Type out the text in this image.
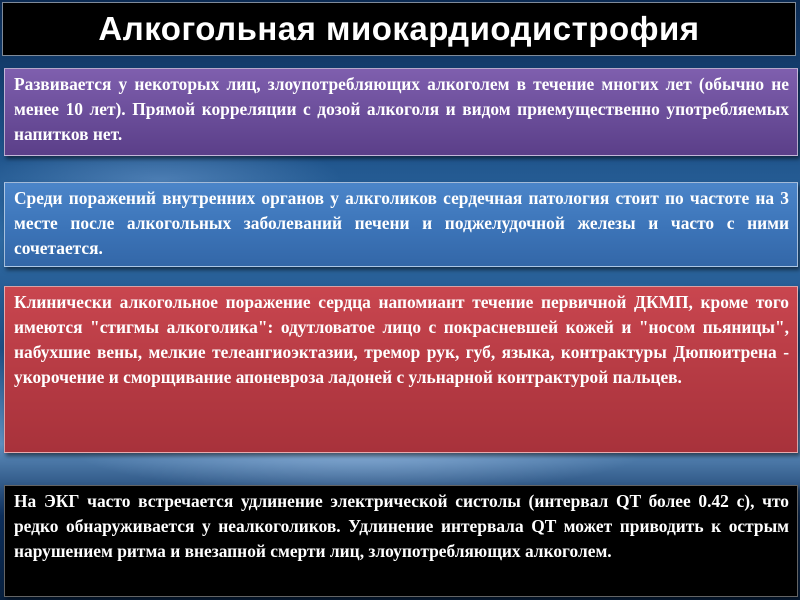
Алкогольная миокардиодистрофия
Развивается у некоторых лиц, злоупотребляющих алкоголем в течение многих лет (обычно не менее 10 лет). Прямой корреляции с дозой алкоголя и видом приемущественно употребляемых напитков нет.
Среди поражений внутренних органов у алкголиков сердечная патология стоит по частоте на 3 месте после алкогольных заболеваний печени и поджелудочной железы и часто с ними сочетается.
Клинически алкогольное поражение сердца напомиант течение первичной ДКМП, кроме того имеются "стигмы алкоголика": одутловатое лицо с покрасневшей кожей и "носом пьяницы", набухшие вены, мелкие телеангиоэктазии, тремор рук, губ, языка, контрактуры Дюпюитрена - укорочение и сморщивание апоневроза ладоней с ульнарной контрактурой пальцев.
На ЭКГ часто встречается удлинение электрической систолы (интервал QT более 0.42 с), что редко обнаруживается у неалкоголиков. Удлинение интервала QT может приводить к острым нарушением ритма и внезапной смерти лиц, злоупотребляющих алкоголем.
